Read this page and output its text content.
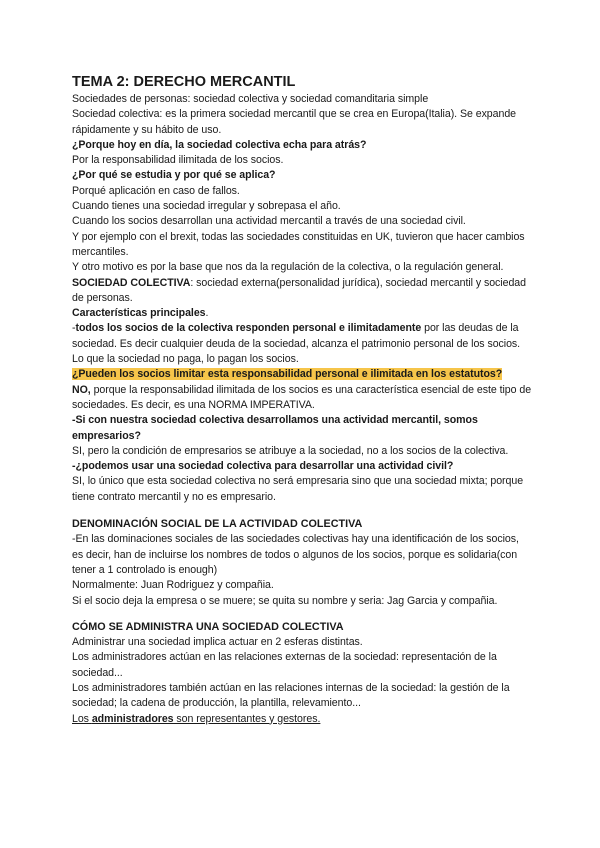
TEMA 2: DERECHO MERCANTIL

Sociedades de personas: sociedad colectiva y sociedad comanditaria simple

Sociedad colectiva: es la primera sociedad mercantil que se crea en Europa(Italia). Se expande rápidamente y su hábito de uso.

¿Porque hoy en día, la sociedad colectiva echa para atrás?

Por la responsabilidad ilimitada de los socios.

¿Por qué se estudia y por qué se aplica?

Porqué aplicación en caso de fallos.

Cuando tienes una sociedad irregular y sobrepasa el año.

Cuando los socios desarrollan una actividad mercantil a través de una sociedad civil.

Y por ejemplo con el brexit, todas las sociedades constituidas en UK, tuvieron que hacer cambios mercantiles.

Y otro motivo es por la base que nos da la regulación de la colectiva, o la regulación general.

SOCIEDAD COLECTIVA: sociedad externa(personalidad jurídica), sociedad mercantil y sociedad de personas.

Características principales.

-todos los socios de la colectiva responden personal e ilimitadamente por las deudas de la sociedad. Es decir cualquier deuda de la sociedad, alcanza el patrimonio personal de los socios. Lo que la sociedad no paga, lo pagan los socios.

¿Pueden los socios limitar esta responsabilidad personal e ilimitada en los estatutos?

NO, porque la responsabilidad ilimitada de los socios es una característica esencial de este tipo de sociedades. Es decir, es una NORMA IMPERATIVA.

-Si con nuestra sociedad colectiva desarrollamos una actividad mercantil, somos empresarios?

SI, pero la condición de empresarios se atribuye a la sociedad, no a los socios de la colectiva.

-¿podemos usar una sociedad colectiva para desarrollar una actividad civil?

SI, lo único que esta sociedad colectiva no será empresaria sino que una sociedad mixta; porque tiene contrato mercantil y no es empresario.

DENOMINACIÓN SOCIAL DE LA ACTIVIDAD COLECTIVA

-En las dominaciones sociales de las sociedades colectivas hay una identificación de los socios, es decir, han de incluirse los nombres de todos o algunos de los socios, porque es solidaria(con tener a 1 controlado is enough)

Normalmente: Juan Rodriguez y compañia.

Si el socio deja la empresa o se muere; se quita su nombre y seria: Jag Garcia y compañia.

CÓMO SE ADMINISTRA UNA SOCIEDAD COLECTIVA

Administrar una sociedad implica actuar en 2 esferas distintas.

Los administradores actúan en las relaciones externas de la sociedad: representación de la sociedad...

Los administradores también actúan en las relaciones internas de la sociedad: la gestión de la sociedad; la cadena de producción, la plantilla, relevamiento...

Los administradores son representantes y gestores.
